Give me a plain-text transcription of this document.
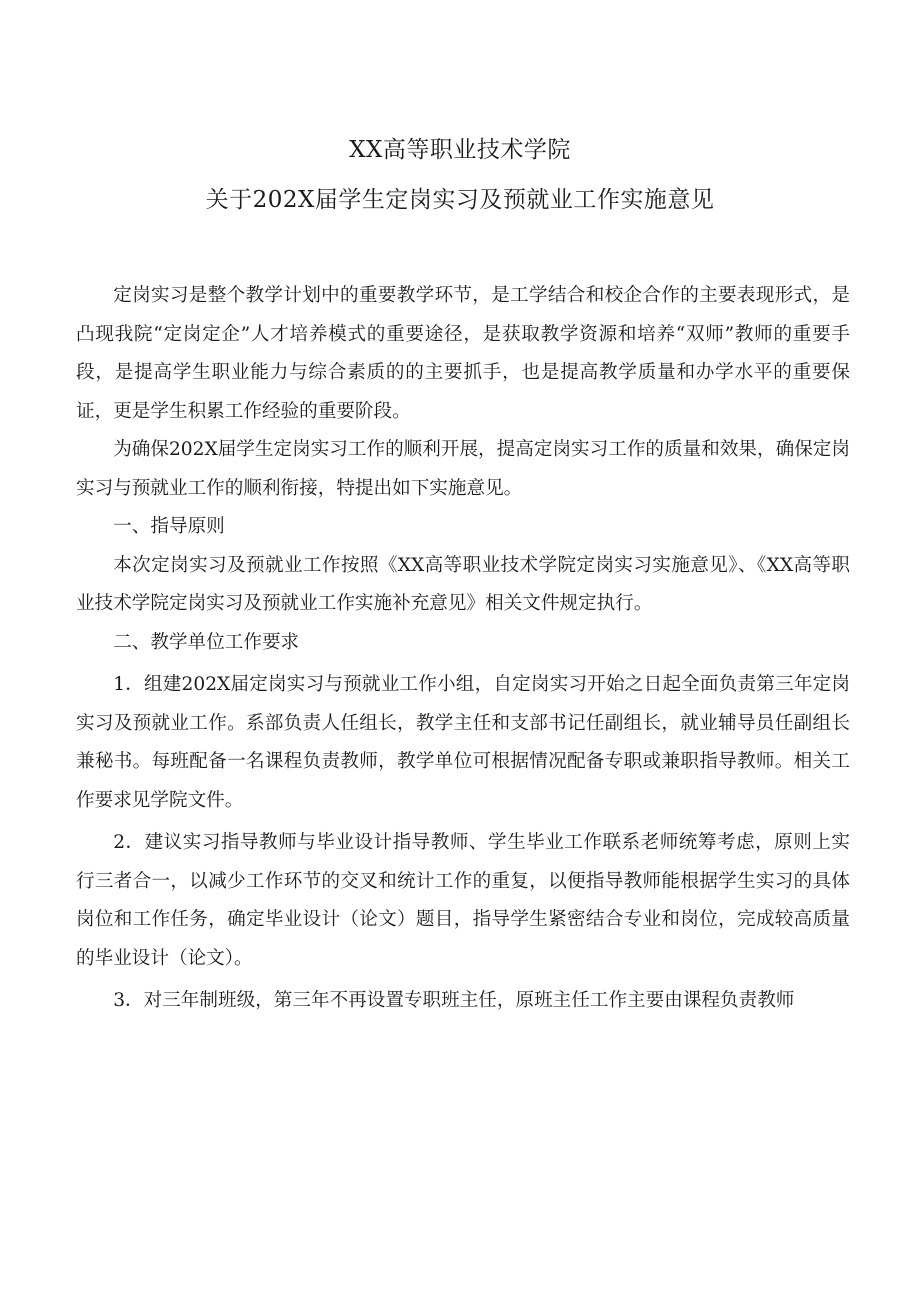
XX高等职业技术学院
关于202X届学生定岗实习及预就业工作实施意见

定岗实习是整个教学计划中的重要教学环节，是工学结合和校企合作的主要表现形式，是凸现我院“定岗定企”人才培养模式的重要途径，是获取教学资源和培养“双师”教师的重要手段，是提高学生职业能力与综合素质的的主要抓手，也是提高教学质量和办学水平的重要保证，更是学生积累工作经验的重要阶段。

为确保202X届学生定岗实习工作的顺利开展，提高定岗实习工作的质量和效果，确保定岗实习与预就业工作的顺利衔接，特提出如下实施意见。

一、指导原则

本次定岗实习及预就业工作按照《XX高等职业技术学院定岗实习实施意见》、《XX高等职业技术学院定岗实习及预就业工作实施补充意见》相关文件规定执行。

二、教学单位工作要求

1．组建202X届定岗实习与预就业工作小组，自定岗实习开始之日起全面负责第三年定岗实习及预就业工作。系部负责人任组长，教学主任和支部书记任副组长，就业辅导员任副组长兼秘书。每班配备一名课程负责教师，教学单位可根据情况配备专职或兼职指导教师。相关工作要求见学院文件。

2．建议实习指导教师与毕业设计指导教师、学生毕业工作联系老师统筹考虑，原则上实行三者合一，以减少工作环节的交叉和统计工作的重复，以便指导教师能根据学生实习的具体岗位和工作任务，确定毕业设计（论文）题目，指导学生紧密结合专业和岗位，完成较高质量的毕业设计（论文）。

3．对三年制班级，第三年不再设置专职班主任，原班主任工作主要由课程负责教师
